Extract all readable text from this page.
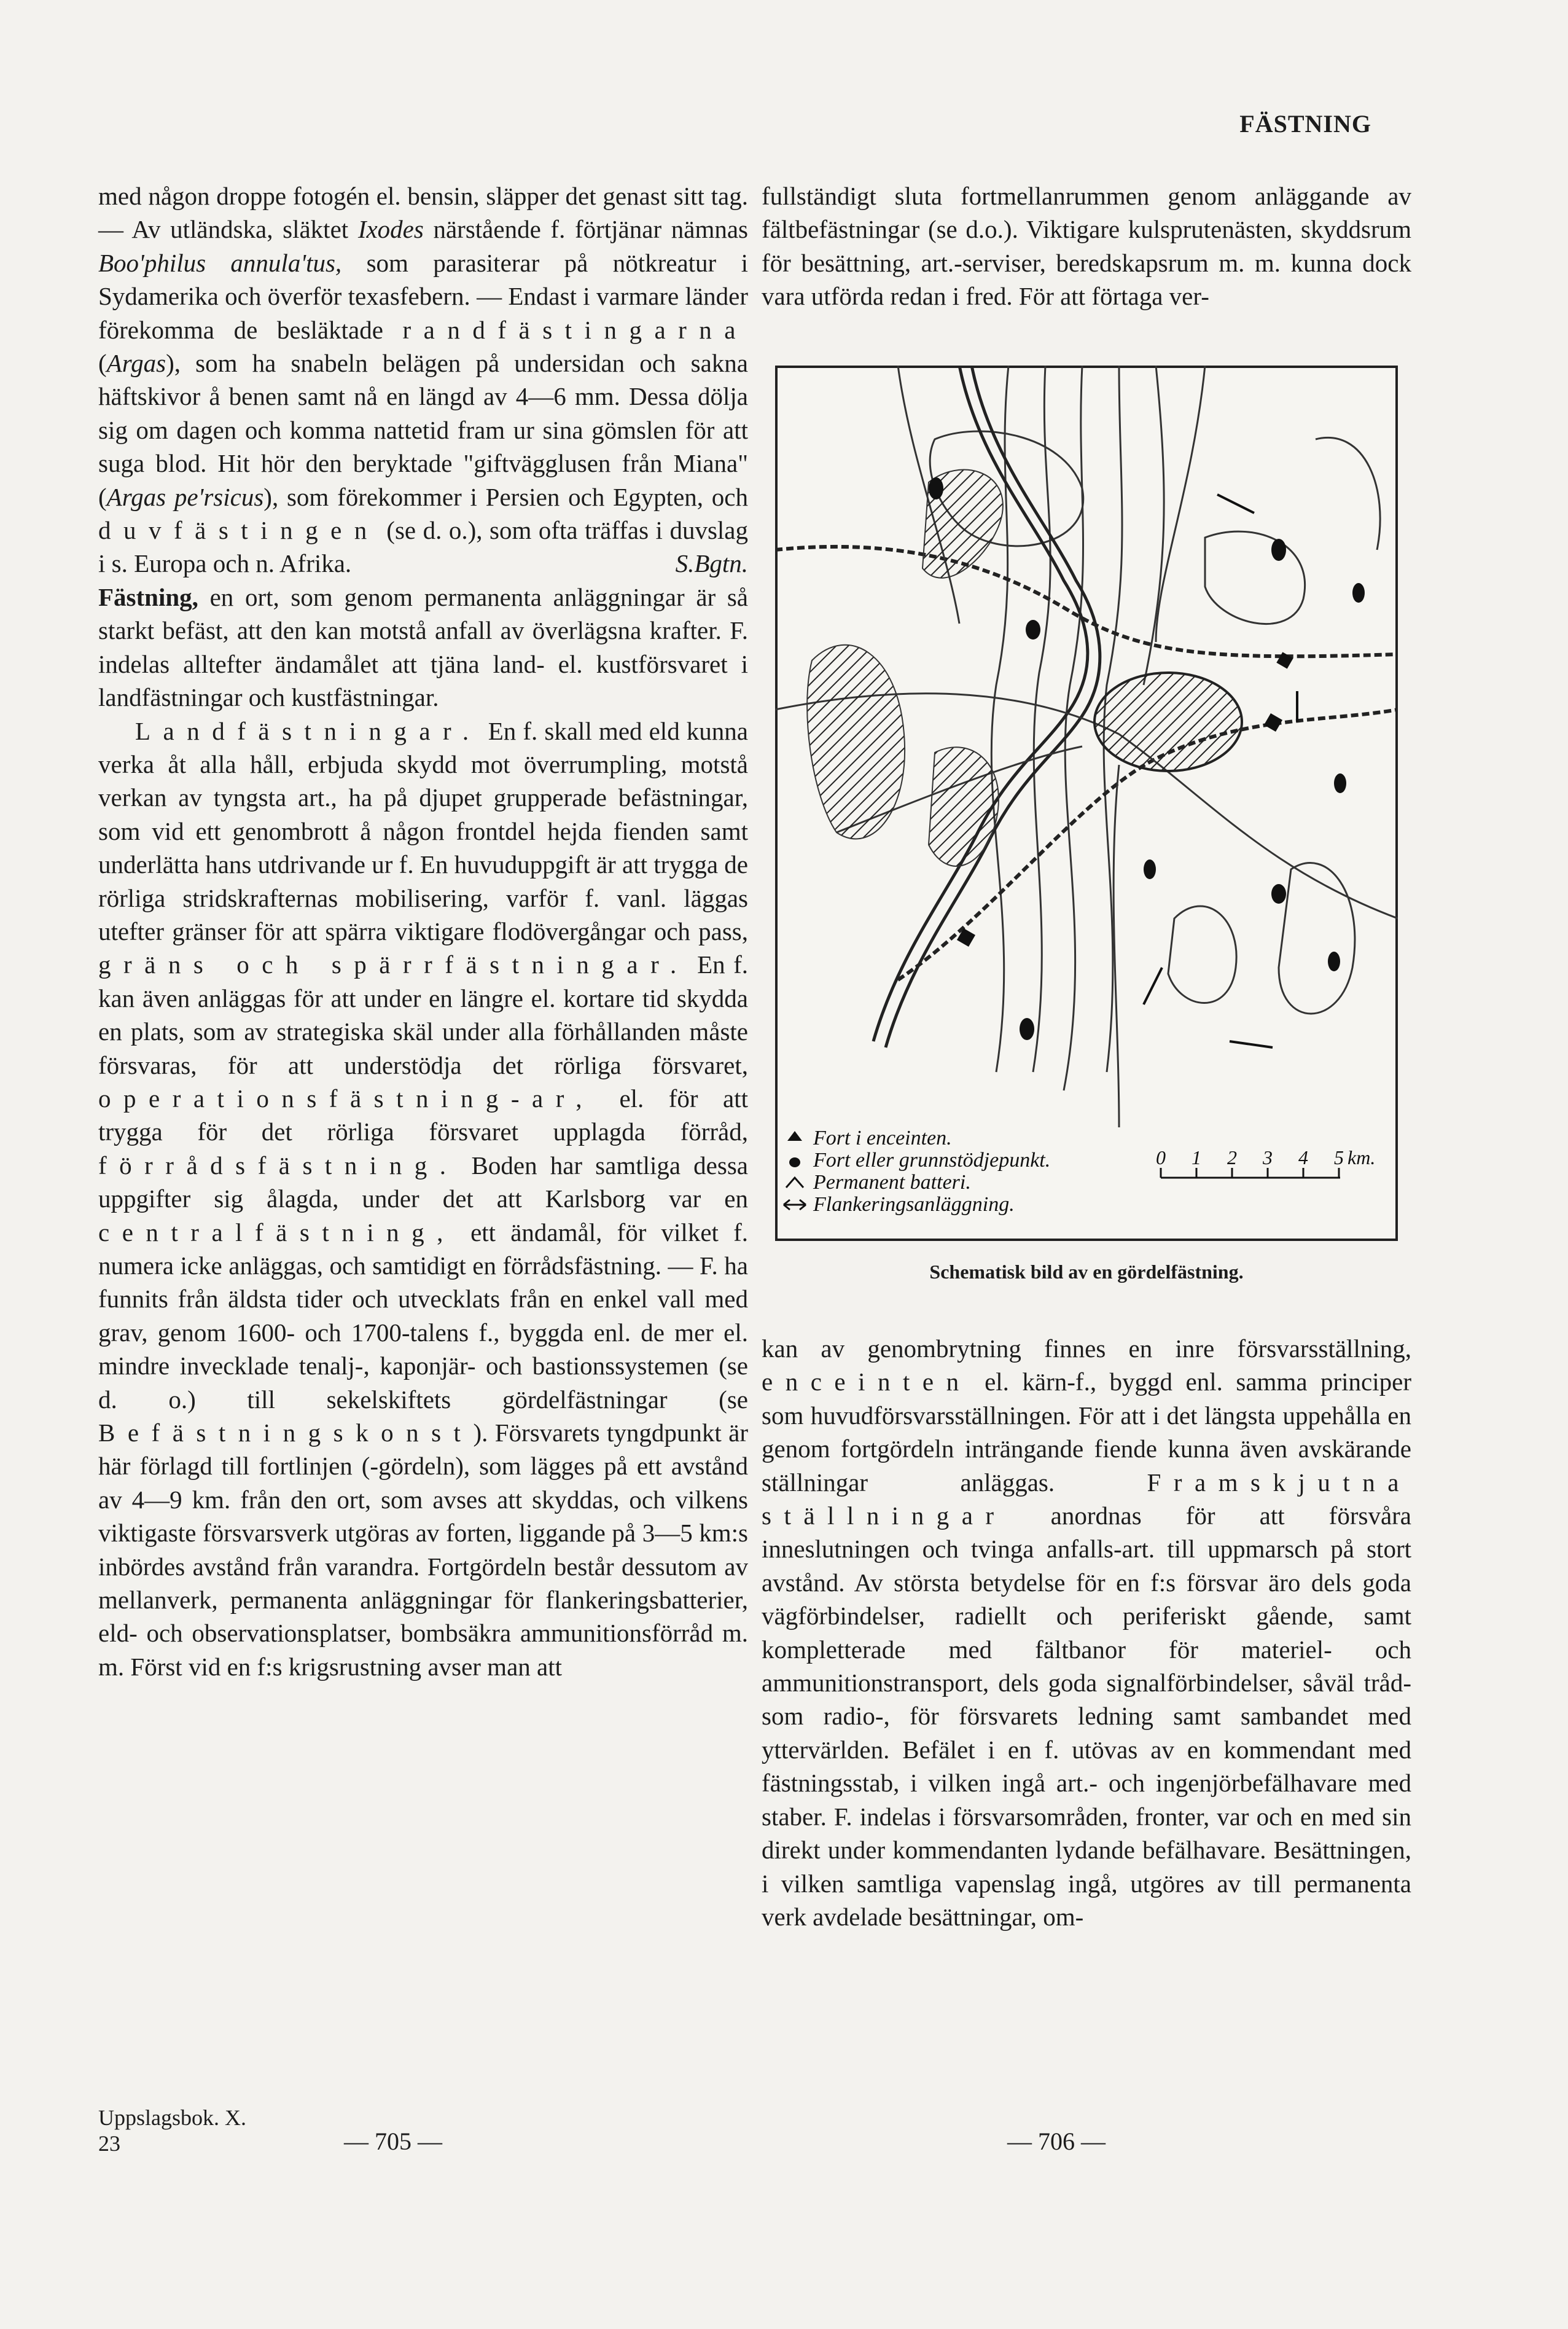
FÄSTNING

med någon droppe fotogén el. bensin, släpper det genast sitt tag. — Av utländska, släktet Ixodes närstående f. förtjänar nämnas Boo'philus annula'tus, som parasiterar på nötkreatur i Sydamerika och överför texasfebern. — Endast i varmare länder förekomma de besläktade randfästingarna (Argas), som ha snabeln belägen på undersidan och sakna häftskivor å benen samt nå en längd av 4—6 mm. Dessa dölja sig om dagen och komma nattetid fram ur sina gömslen för att suga blod. Hit hör den beryktade "giftvägglusen från Miana" (Argas pe'rsicus), som förekommer i Persien och Egypten, och duvfästingen (se d. o.), som ofta träffas i duvslag i s. Europa och n. Afrika.	S.Bgtn.

Fästning, en ort, som genom permanenta anläggningar är så starkt befäst, att den kan motstå anfall av överlägsna krafter. F. indelas alltefter ändamålet att tjäna land- el. kustförsvaret i landfästningar och kustfästningar.

Landfästningar. En f. skall med eld kunna verka åt alla håll, erbjuda skydd mot överrumpling, motstå verkan av tyngsta art., ha på djupet grupperade befästningar, som vid ett genombrott å någon frontdel hejda fienden samt underlätta hans utdrivande ur f. En huvuduppgift är att trygga de rörliga stridskrafternas mobilisering, varför f. vanl. läggas utefter gränser för att spärra viktigare flodövergångar och pass, gräns och spärrfästningar. En f. kan även anläggas för att under en längre el. kortare tid skydda en plats, som av strategiska skäl under alla förhållanden måste försvaras, för att understödja det rörliga försvaret, operationsfästning-ar, el. för att trygga för det rörliga försvaret upplagda förråd, förrådsfästning. Boden har samtliga dessa uppgifter sig ålagda, under det att Karlsborg var en centralfästning, ett ändamål, för vilket f. numera icke anläggas, och samtidigt en förrådsfästning. — F. ha funnits från äldsta tider och utvecklats från en enkel vall med grav, genom 1600- och 1700-talens f., byggda enl. de mer el. mindre invecklade tenalj-, kaponjär- och bastionssystemen (se d. o.) till sekelskiftets gördelfästningar (se Befästningskonst). Försvarets tyngdpunkt är här förlagd till fortlinjen (-gördeln), som lägges på ett avstånd av 4—9 km. från den ort, som avses att skyddas, och vilkens viktigaste försvarsverk utgöras av forten, liggande på 3—5 km:s inbördes avstånd från varandra. Fortgördeln består dessutom av mellanverk, permanenta anläggningar för flankeringsbatterier, eld- och observationsplatser, bombsäkra ammunitionsförråd m. m. Först vid en f:s krigsrustning avser man att

fullständigt sluta fortmellanrummen genom anläggande av fältbefästningar (se d.o.). Viktigare kulsprutenästen, skyddsrum för besättning, art.-serviser, beredskapsrum m. m. kunna dock vara utförda redan i fred. För att förtaga ver-

Fort i enceinten.
Fort eller grunnstödjepunkt.
Permanent batteri.
Flankeringsanläggning.
0 1 2 3 4 5 km.
Schematisk bild av en gördelfästning.

kan av genombrytning finnes en inre försvarsställning, enceinten el. kärn-f., byggd enl. samma principer som huvudförsvarsställningen. För att i det längsta uppehålla en genom fortgördeln inträngande fiende kunna även avskärande ställningar anläggas. Framskjutna ställningar anordnas för att försvåra inneslutningen och tvinga anfalls-art. till uppmarsch på stort avstånd. Av största betydelse för en f:s försvar äro dels goda vägförbindelser, radiellt och periferiskt gående, samt kompletterade med fältbanor för materiel- och ammunitionstransport, dels goda signalförbindelser, såväl tråd- som radio-, för försvarets ledning samt sambandet med yttervärlden. Befälet i en f. utövas av en kommendant med fästningsstab, i vilken ingå art.- och ingenjörbefälhavare med staber. F. indelas i försvarsområden, fronter, var och en med sin direkt under kommendanten lydande befälhavare. Besättningen, i vilken samtliga vapenslag ingå, utgöres av till permanenta verk avdelade besättningar, om-

Uppslagsbok. X.
23	— 705 —	— 706 —
